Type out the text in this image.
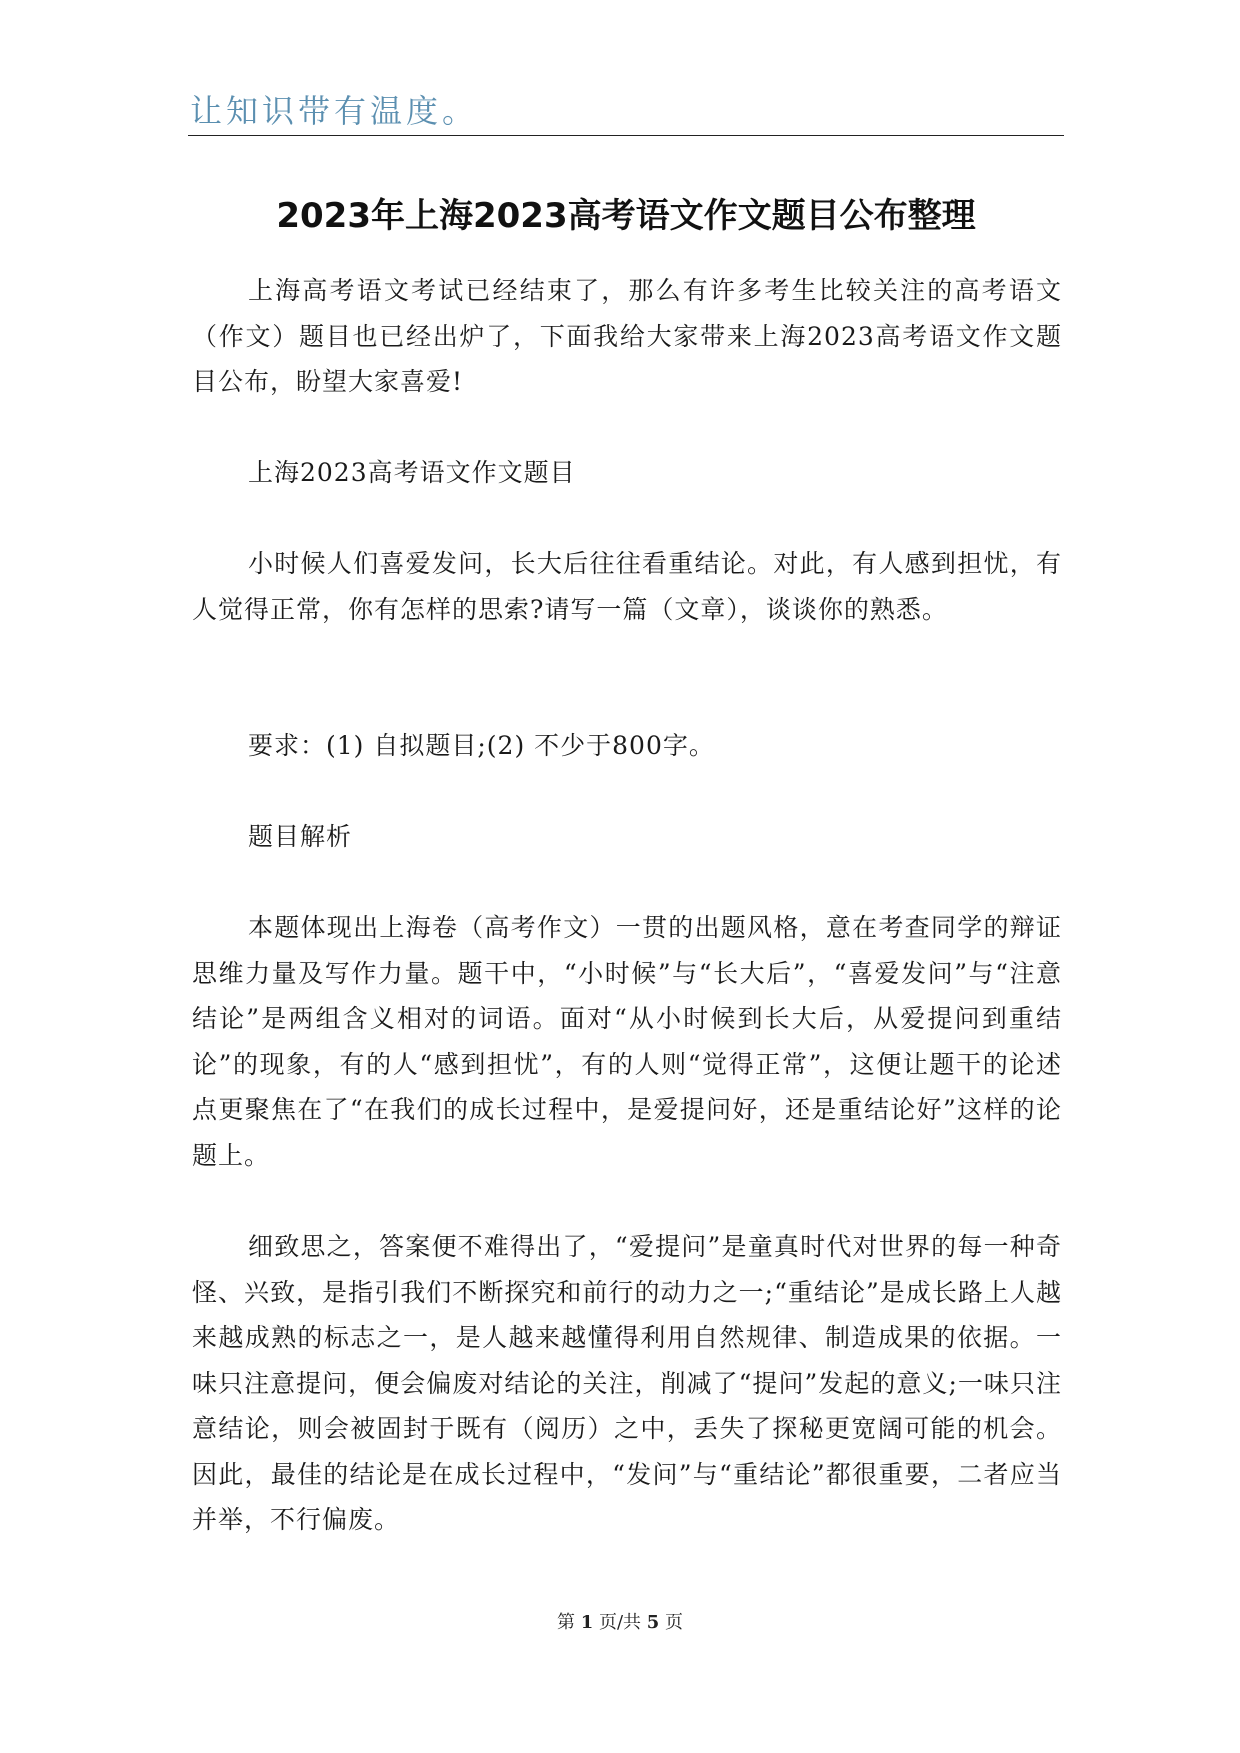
让知识带有温度。
2023年上海2023高考语文作文题目公布整理

上海高考语文考试已经结束了，那么有许多考生比较关注的高考语文（作文）题目也已经出炉了，下面我给大家带来上海2023高考语文作文题目公布，盼望大家喜爱!

上海2023高考语文作文题目

小时候人们喜爱发问，长大后往往看重结论。对此，有人感到担忧，有人觉得正常，你有怎样的思索?请写一篇（文章），谈谈你的熟悉。

要求：(1) 自拟题目;(2) 不少于800字。

题目解析

本题体现出上海卷（高考作文）一贯的出题风格，意在考查同学的辩证思维力量及写作力量。题干中，“小时候”与“长大后”，“喜爱发问”与“注意结论”是两组含义相对的词语。面对“从小时候到长大后，从爱提问到重结论”的现象，有的人“感到担忧”，有的人则“觉得正常”，这便让题干的论述点更聚焦在了“在我们的成长过程中，是爱提问好，还是重结论好”这样的论题上。

细致思之，答案便不难得出了，“爱提问”是童真时代对世界的每一种奇怪、兴致，是指引我们不断探究和前行的动力之一;“重结论”是成长路上人越来越成熟的标志之一，是人越来越懂得利用自然规律、制造成果的依据。一味只注意提问，便会偏废对结论的关注，削减了“提问”发起的意义;一味只注意结论，则会被固封于既有（阅历）之中，丢失了探秘更宽阔可能的机会。因此，最佳的结论是在成长过程中，“发问”与“重结论”都很重要，二者应当并举，不行偏废。

第 1 页/共 5 页
